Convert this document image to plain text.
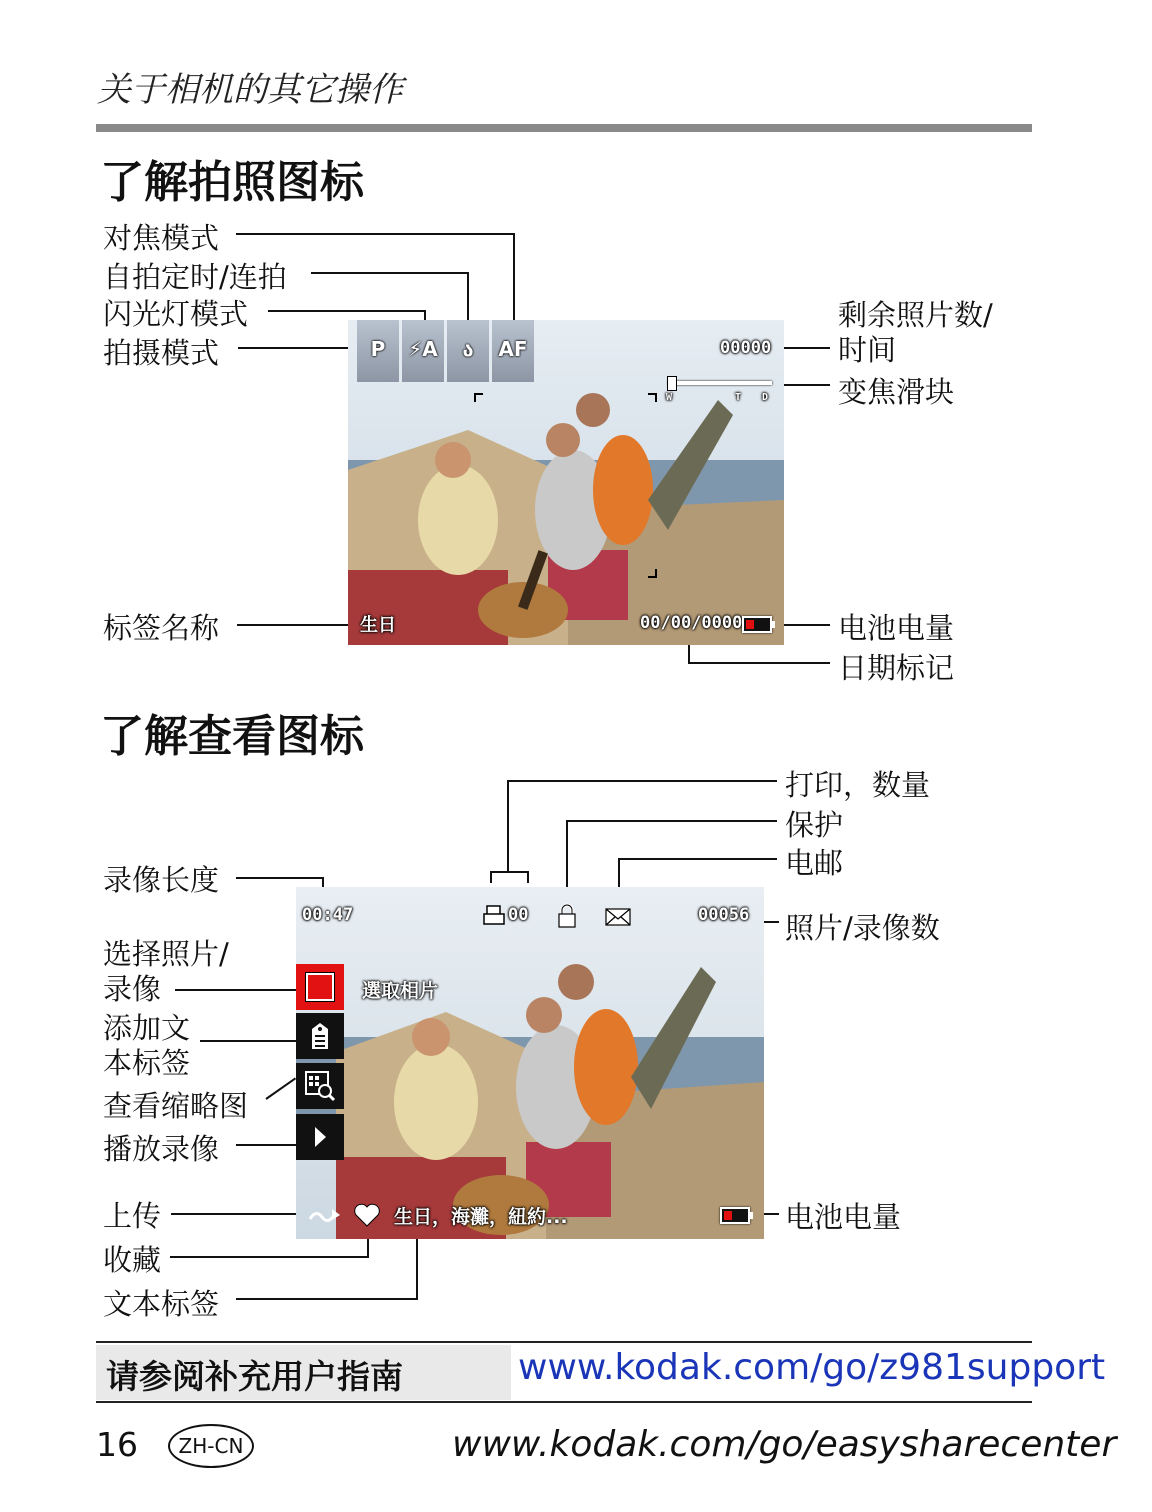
关于相机的其它操作
了解拍照图标
对焦模式
自拍定时/连拍
闪光灯模式
拍摄模式
标签名称
剩余照片数/
时间
变焦滑块
电池电量
日期标记
P	⚡A	ა	AF	00000
W	T D
生日	00/00/0000
了解查看图标
打印，数量
保护
电邮
照片/录像数
电池电量
录像长度
选择照片/
录像
添加文
本标签
查看缩略图
播放录像
上传
收藏
文本标签
00:47	00	00056
選取相片
生日，海灘，紐約...
请参阅补充用户指南	www.kodak.com/go/z981support
16	ZH-CN	www.kodak.com/go/easysharecenter
